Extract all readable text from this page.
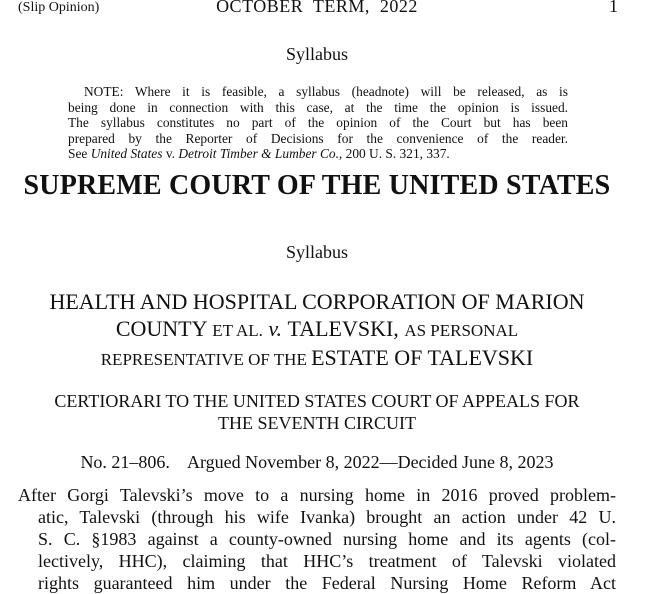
(Slip Opinion)	OCTOBER  TERM,  2022	1
Syllabus
NOTE: Where it is feasible, a syllabus (headnote) will be released, as is
being done in connection with this case, at the time the opinion is issued.
The syllabus constitutes no part of the opinion of the Court but has been
prepared by the Reporter of Decisions for the convenience of the reader.
See United States v. Detroit Timber & Lumber Co., 200 U. S. 321, 337.
SUPREME COURT OF THE UNITED STATES
Syllabus
HEALTH AND HOSPITAL CORPORATION OF MARION
COUNTY ET AL. v. TALEVSKI, AS PERSONAL
REPRESENTATIVE OF THE ESTATE OF TALEVSKI
CERTIORARI TO THE UNITED STATES COURT OF APPEALS FOR
THE SEVENTH CIRCUIT
No. 21–806.    Argued November 8, 2022—Decided June 8, 2023
After Gorgi Talevski’s move to a nursing home in 2016 proved problem-
atic, Talevski (through his wife Ivanka) brought an action under 42 U.
S. C. §1983 against a county-owned nursing home and its agents (col-
lectively, HHC), claiming that HHC’s treatment of Talevski violated
rights guaranteed him under the Federal Nursing Home Reform Act
